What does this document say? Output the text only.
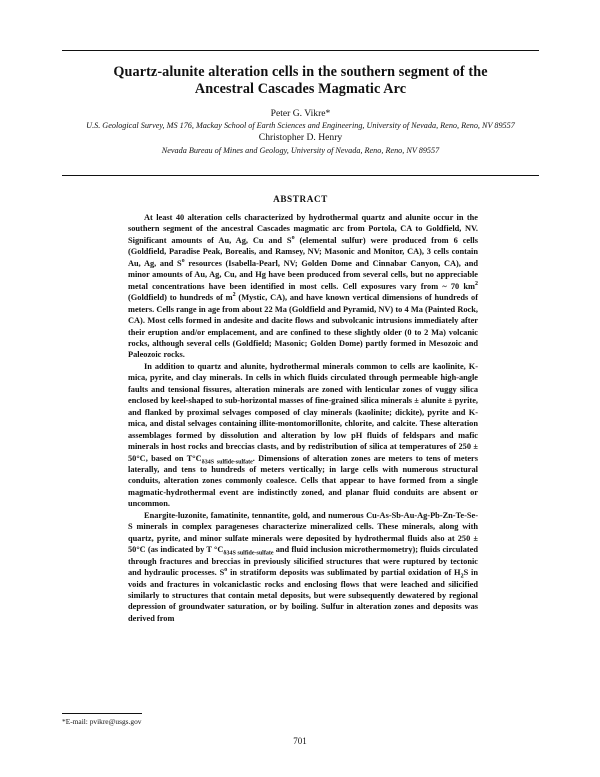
Quartz-alunite alteration cells in the southern segment of the
Ancestral Cascades Magmatic Arc
Peter G. Vikre*
U.S. Geological Survey, MS 176, Mackay School of Earth Sciences and Engineering, University of Nevada, Reno, Reno, NV 89557
Christopher D. Henry
Nevada Bureau of Mines and Geology, University of Nevada, Reno, Reno, NV 89557
ABSTRACT

At least 40 alteration cells characterized by hydrothermal quartz and alunite occur in the southern segment of the ancestral Cascades magmatic arc from Portola, CA to Goldfield, NV. Significant amounts of Au, Ag, Cu and $S^o$ (elemental sulfur) were produced from 6 cells (Goldfield, Paradise Peak, Borealis, and Ramsey, NV; Masonic and Monitor, CA), 3 cells contain Au, Ag, and $S^o$ resources (Isabella-Pearl, NV; Golden Dome and Cinnabar Canyon, CA), and minor amounts of Au, Ag, Cu, and Hg have been produced from several cells, but no appreciable metal concentrations have been identified in most cells. Cell exposures vary from ~ 70 $km^2$ (Goldfield) to hundreds of $m^2$ (Mystic, CA), and have known vertical dimensions of hundreds of meters. Cells range in age from about 22 Ma (Goldfield and Pyramid, NV) to 4 Ma (Painted Rock, CA). Most cells formed in andesite and dacite flows and subvolcanic intrusions immediately after their eruption and/or emplacement, and are confined to these slightly older (0 to 2 Ma) volcanic rocks, although several cells (Goldfield; Masonic; Golden Dome) partly formed in Mesozoic and Paleozoic rocks.

In addition to quartz and alunite, hydrothermal minerals common to cells are kaolinite, K-mica, pyrite, and clay minerals. In cells in which fluids circulated through permeable high-angle faults and tensional fissures, alteration minerals are zoned with lenticular zones of vuggy silica enclosed by keel-shaped to sub-horizontal masses of fine-grained silica minerals ± alunite ± pyrite, and flanked by proximal selvages composed of clay minerals (kaolinite; dickite), pyrite and K-mica, and distal selvages containing illite-montomorillonite, chlorite, and calcite. These alteration assemblages formed by dissolution and alteration by low pH fluids of feldspars and mafic minerals in host rocks and breccias clasts, and by redistribution of silica at temperatures of 250 ± 50°C, based on $T^\circ C_{\delta 34S sulfide-sulfate}$. Dimensions of alteration zones are meters to tens of meters laterally, and tens to hundreds of meters vertically; in large cells with numerous structural conduits, alteration zones commonly coalesce. Cells that appear to have formed from a single magmatic-hydrothermal event are indistinctly zoned, and planar fluid conduits are absent or uncommon.

Enargite-luzonite, famatinite, tennantite, gold, and numerous Cu-As-Sb-Au-Ag-Pb-Zn-Te-Se-S minerals in complex parageneses characterize mineralized cells. These minerals, along with quartz, pyrite, and minor sulfate minerals were deposited by hydrothermal fluids also at 250 ± 50°C (as indicated by T $^\circ C_{\delta 34S sulfide-sulfate}$ and fluid inclusion microthermometry); fluids circulated through fractures and breccias in previously silicified structures that were ruptured by tectonic and hydraulic processes. $S^o$ in stratiform deposits was sublimated by partial oxidation of $H_2S$ in voids and fractures in volcaniclastic rocks and enclosing flows that were leached and silicified similarly to structures that contain metal deposits, but were subsequently dewatered by regional depression of groundwater saturation, or by boiling. Sulfur in alteration zones and deposits was derived from

*E-mail: pvikre@usgs.gov
701
